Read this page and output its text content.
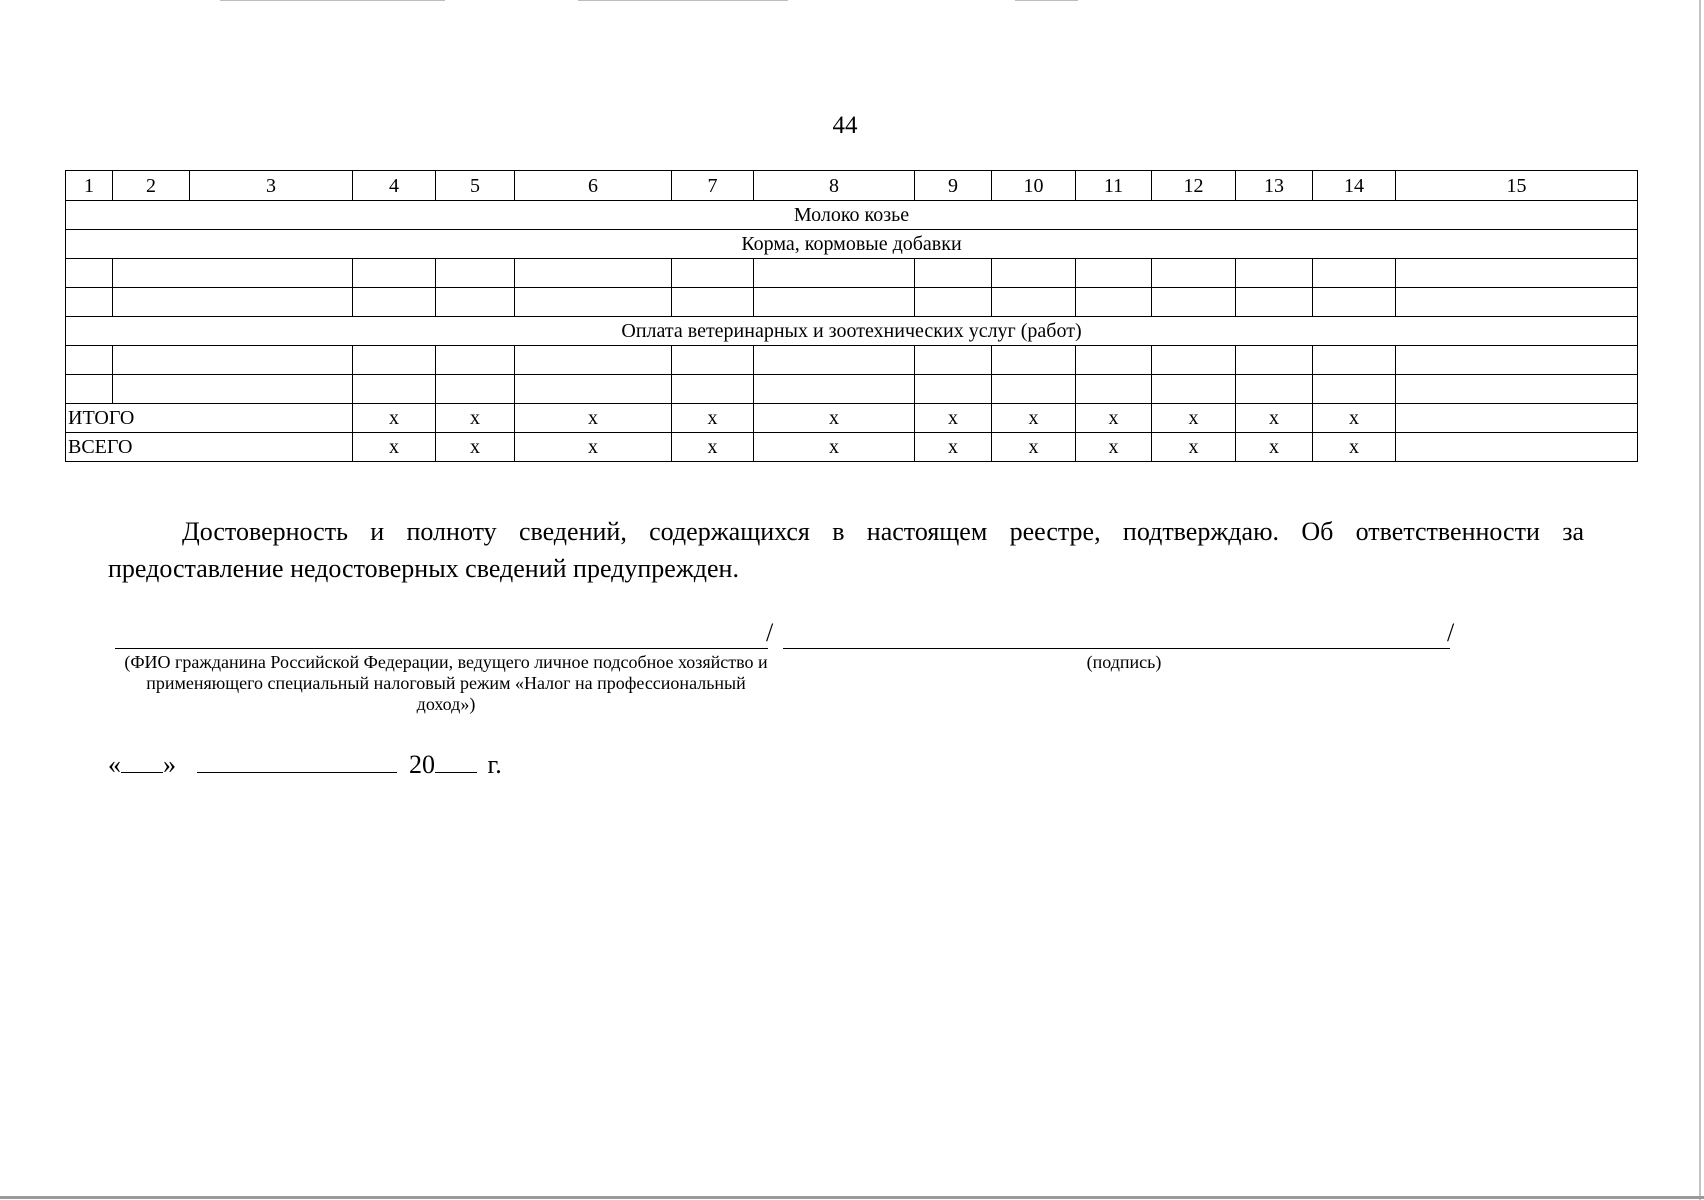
44
1	2	3	4	5	6	7	8	9	10	11	12	13	14	15
Молоко козье														
Корма, кормовые добавки														

Оплата ветеринарных и зоотехнических услуг (работ)														

ИТОГО			x	x	x	x	x	x	x	x	x	x	x	
ВСЕГО			x	x	x	x	x	x	x	x	x	x	x	

Достоверность и полноту сведений, содержащихся в настоящем реестре, подтверждаю. Об ответственности за предоставление недостоверных сведений предупрежден.

/	/
(ФИО гражданина Российской Федерации, ведущего личное подсобное хозяйство и применяющего специальный налоговый режим «Налог на профессиональный доход»)
(подпись)
« »	20 г.
